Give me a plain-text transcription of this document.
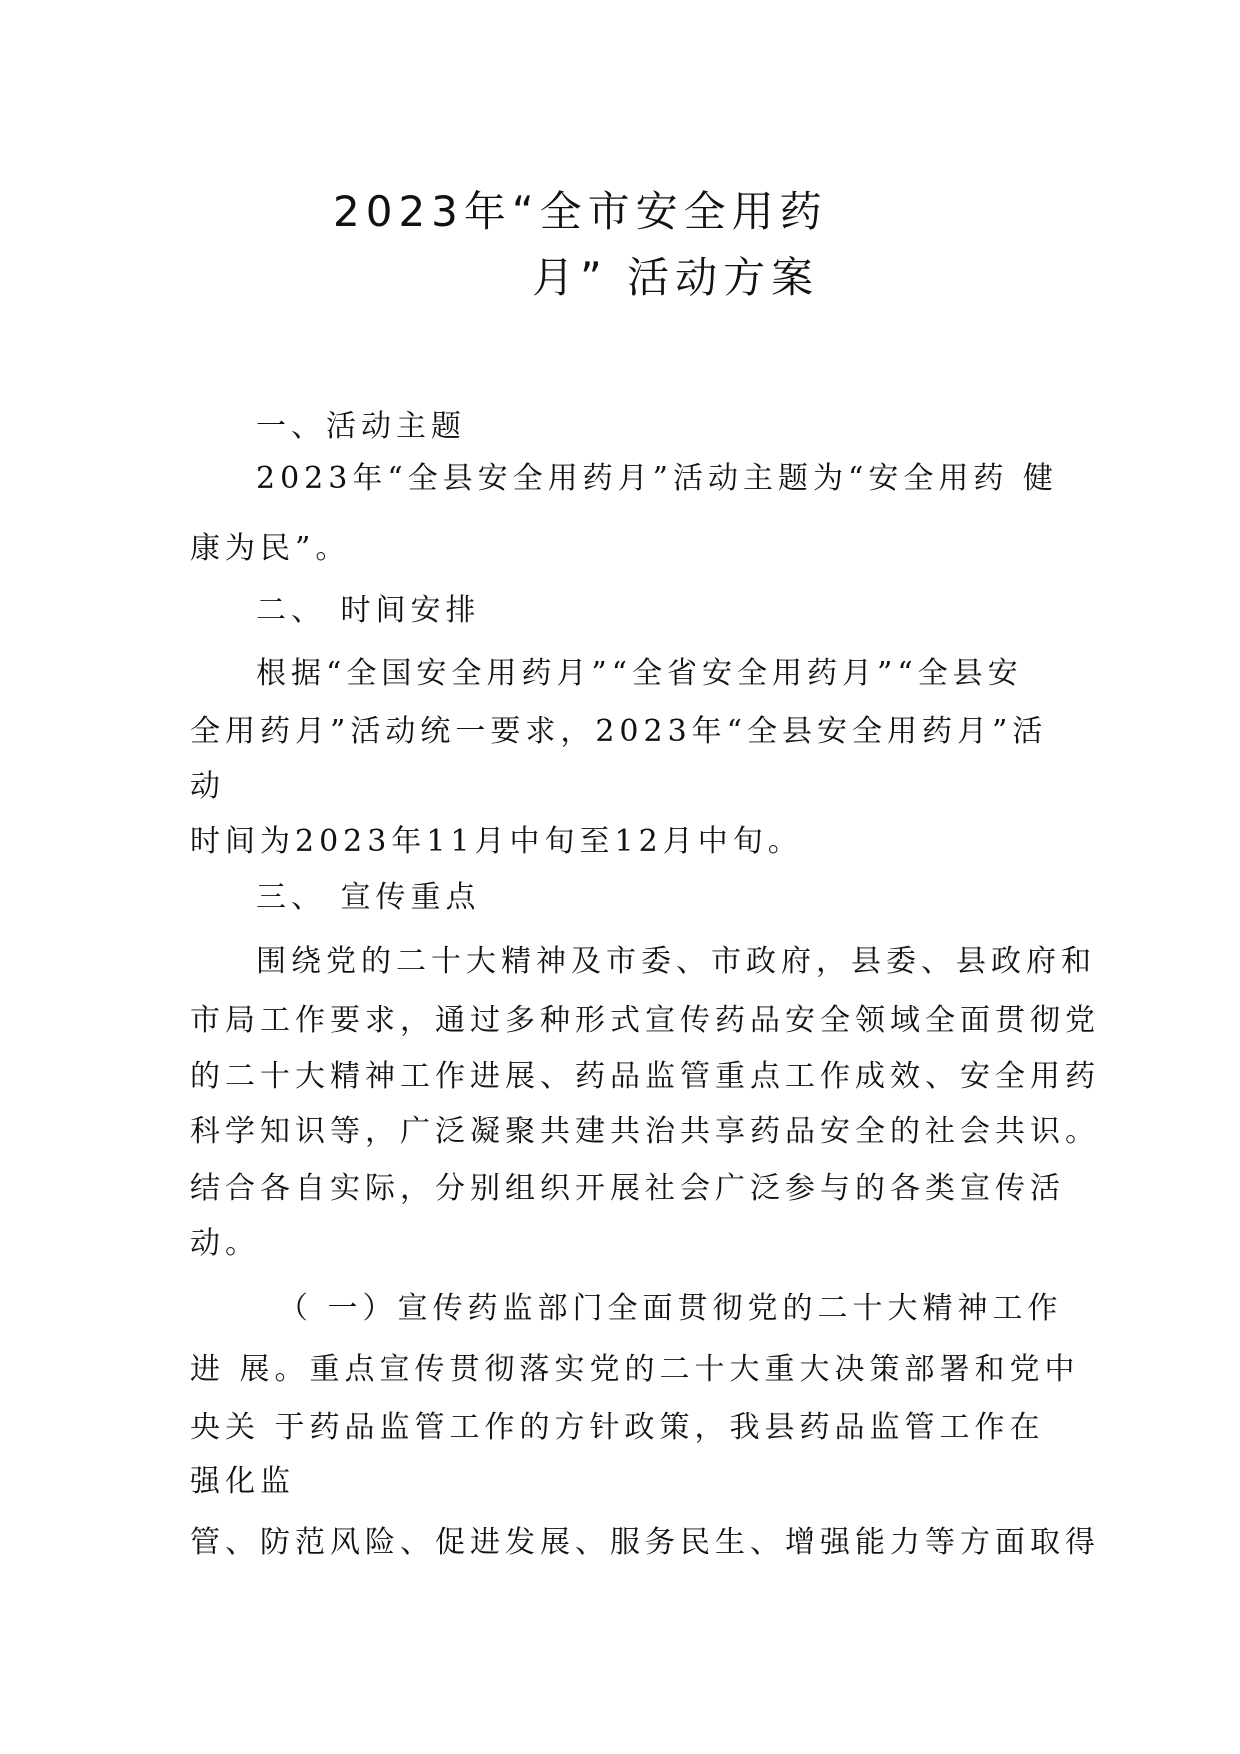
2023年“全市安全用药
月” 活动方案
一、活动主题
2023年“全县安全用药月”活动主题为“安全用药 健
康为民”。
二、 时间安排
根据“全国安全用药月”“全省安全用药月”“全县安
全用药月”活动统一要求，2023年“全县安全用药月”活
动
时间为2023年11月中旬至12月中旬。
三、 宣传重点
围绕党的二十大精神及市委、市政府，县委、县政府和
市局工作要求，通过多种形式宣传药品安全领域全面贯彻党
的二十大精神工作进展、药品监管重点工作成效、安全用药
科学知识等，广泛凝聚共建共治共享药品安全的社会共识。
结合各自实际，分别组织开展社会广泛参与的各类宣传活
动。
（ 一）宣传药监部门全面贯彻党的二十大精神工作
进 展。重点宣传贯彻落实党的二十大重大决策部署和党中
央关 于药品监管工作的方针政策，我县药品监管工作在
强化监
管、防范风险、促进发展、服务民生、增强能力等方面取得
